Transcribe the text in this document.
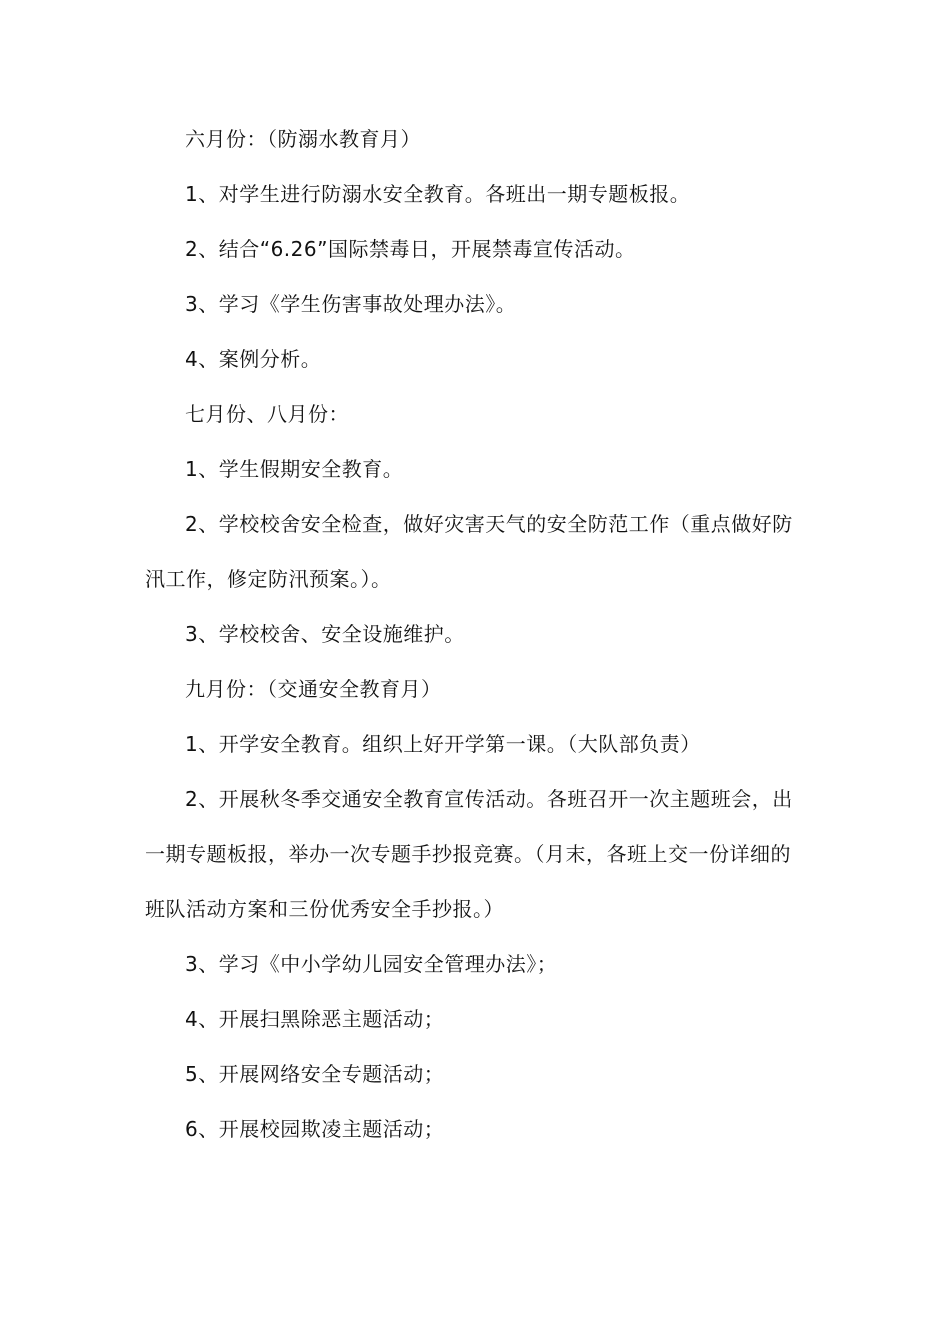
六月份：（防溺水教育月）

1、对学生进行防溺水安全教育。各班出一期专题板报。

2、结合“6.26”国际禁毒日，开展禁毒宣传活动。

3、学习《学生伤害事故处理办法》。

4、案例分析。

七月份、八月份：

1、学生假期安全教育。

2、学校校舍安全检查，做好灾害天气的安全防范工作（重点做好防汛工作，修定防汛预案。）。

3、学校校舍、安全设施维护。

九月份：（交通安全教育月）

1、开学安全教育。组织上好开学第一课。（大队部负责）

2、开展秋冬季交通安全教育宣传活动。各班召开一次主题班会，出一期专题板报，举办一次专题手抄报竞赛。（月末，各班上交一份详细的班队活动方案和三份优秀安全手抄报。）

3、学习《中小学幼儿园安全管理办法》；

4、开展扫黑除恶主题活动；

5、开展网络安全专题活动；

6、开展校园欺凌主题活动；
